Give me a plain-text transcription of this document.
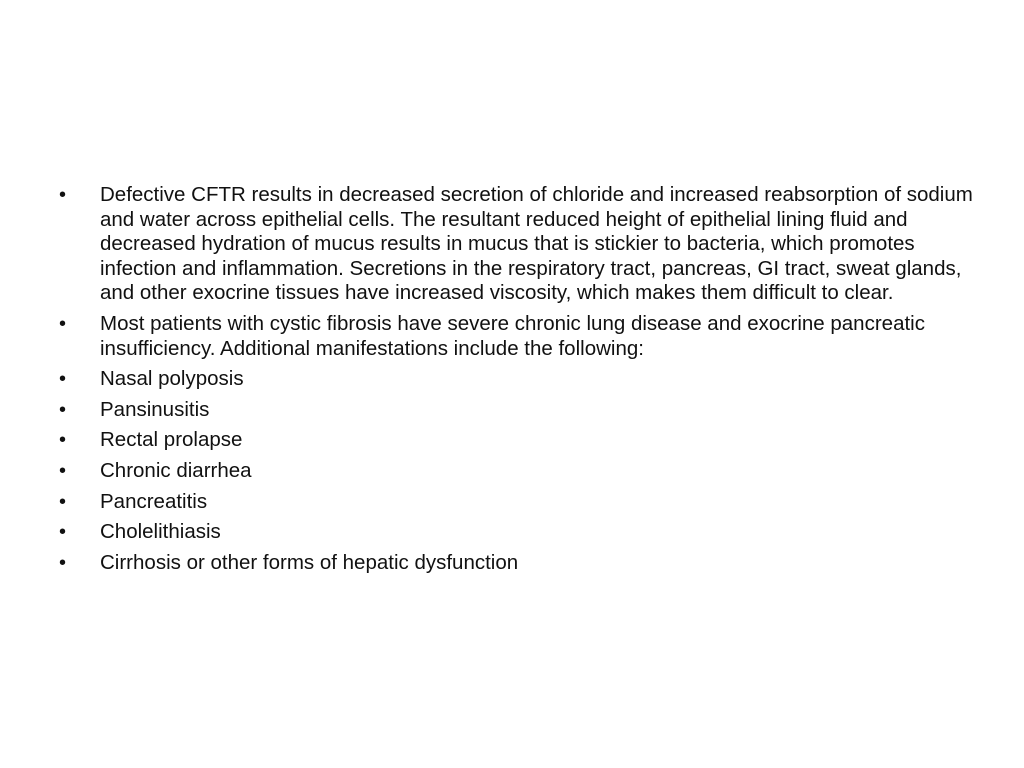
• Defective CFTR results in decreased secretion of chloride and increased reabsorption of sodium and water across epithelial cells. The resultant reduced height of epithelial lining fluid and decreased hydration of mucus results in mucus that is stickier to bacteria, which promotes infection and inflammation. Secretions in the respiratory tract, pancreas, GI tract, sweat glands, and other exocrine tissues have increased viscosity, which makes them difficult to clear.
• Most patients with cystic fibrosis have severe chronic lung disease and exocrine pancreatic insufficiency. Additional manifestations include the following:
• Nasal polyposis
• Pansinusitis
• Rectal prolapse
• Chronic diarrhea
• Pancreatitis
• Cholelithiasis
• Cirrhosis or other forms of hepatic dysfunction
